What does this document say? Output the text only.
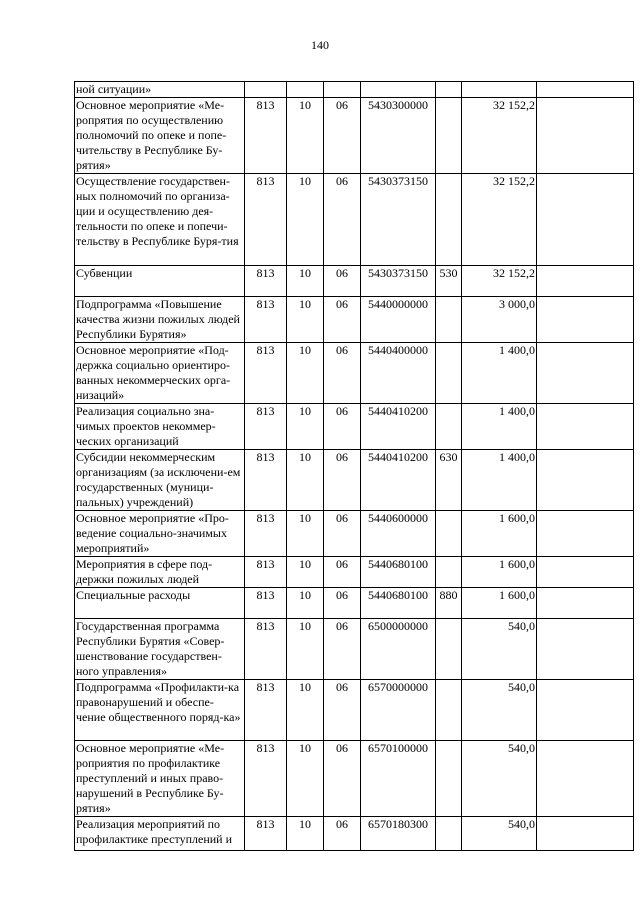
140
ной ситуации»							
Основное мероприятие «Ме-ропрятия по осуществлению полномочий по опеке и попе-чительству в Республике Бу-рятия»	813	10	06	5430300000		32 152,2	
Осуществление государствен-ных полномочий по организа-ции и осуществлению дея-тельности по опеке и попечи-тельству в Республике Буря-тия	813	10	06	5430373150		32 152,2	
Субвенции	813	10	06	5430373150	530	32 152,2	
Подпрограмма «Повышение качества жизни пожилых людей Республики Бурятия»	813	10	06	5440000000		3 000,0	
Основное мероприятие «Под-держка социально ориентиро-ванных некоммерческих орга-низаций»	813	10	06	5440400000		1 400,0	
Реализация социально зна-чимых проектов некоммер-ческих организаций	813	10	06	5440410200		1 400,0	
Субсидии некоммерческим организациям (за исключени-ем государственных (муници-пальных) учреждений)	813	10	06	5440410200	630	1 400,0	
Основное мероприятие «Про-ведение социально-значимых мероприятий»	813	10	06	5440600000		1 600,0	
Мероприятия в сфере под-держки пожилых людей	813	10	06	5440680100		1 600,0	
Специальные расходы	813	10	06	5440680100	880	1 600,0	
Государственная программа Республики Бурятия «Совер-шенствование государствен-ного управления»	813	10	06	6500000000		540,0	
Подпрограмма «Профилакти-ка правонарушений и обеспе-чение общественного поряд-ка»	813	10	06	6570000000		540,0	
Основное мероприятие «Ме-роприятия по профилактике преступлений и иных право-нарушений в Республике Бу-рятия»	813	10	06	6570100000		540,0	
Реализация мероприятий по профилактике преступлений и	813	10	06	6570180300		540,0	
